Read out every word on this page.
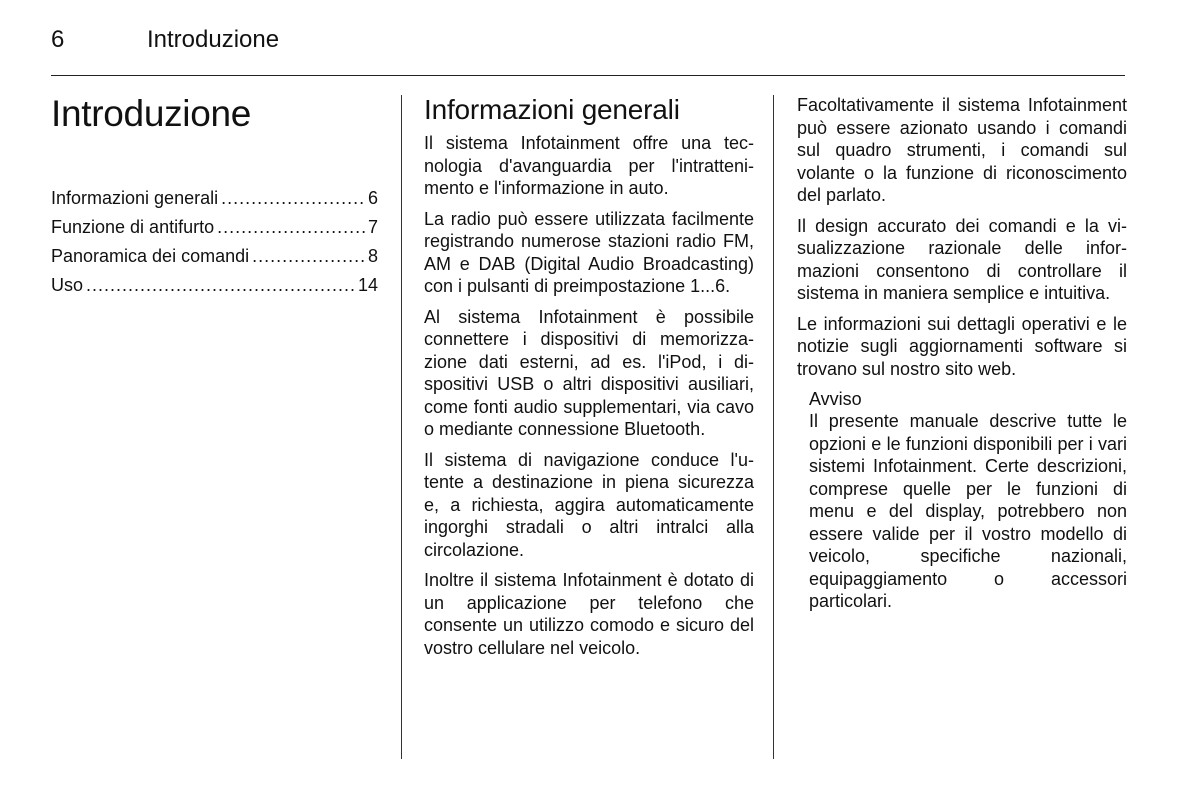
6	Introduzione
Introduzione
Informazioni generali .....	6
Funzione di antifurto .....	7
Panoramica dei comandi .....	8
Uso .....	14
Informazioni generali

Il sistema Infotainment offre una tecnologia d'avanguardia per l'intrattenimento e l'informazione in auto.

La radio può essere utilizzata facilmente registrando numerose stazioni radio FM, AM e DAB (Digital Audio Broadcasting) con i pulsanti di preimpostazione 1...6.

Al sistema Infotainment è possibile connettere i dispositivi di memorizzazione dati esterni, ad es. l'iPod, i dispositivi USB o altri dispositivi ausiliari, come fonti audio supplementari, via cavo o mediante connessione Bluetooth.

Il sistema di navigazione conduce l'utente a destinazione in piena sicurezza e, a richiesta, aggira automaticamente ingorghi stradali o altri intralci alla circolazione.

Inoltre il sistema Infotainment è dotato di un applicazione per telefono che consente un utilizzo comodo e sicuro del vostro cellulare nel veicolo.

Facoltativamente il sistema Infotainment può essere azionato usando i comandi sul quadro strumenti, i comandi sul volante o la funzione di riconoscimento del parlato.

Il design accurato dei comandi e la visualizzazione razionale delle informazioni consentono di controllare il sistema in maniera semplice e intuitiva.

Le informazioni sui dettagli operativi e le notizie sugli aggiornamenti software si trovano sul nostro sito web.

Avviso

Il presente manuale descrive tutte le opzioni e le funzioni disponibili per i vari sistemi Infotainment. Certe descrizioni, comprese quelle per le funzioni di menu e del display, potrebbero non essere valide per il vostro modello di veicolo, specifiche nazionali, equipaggiamento o accessori particolari.
